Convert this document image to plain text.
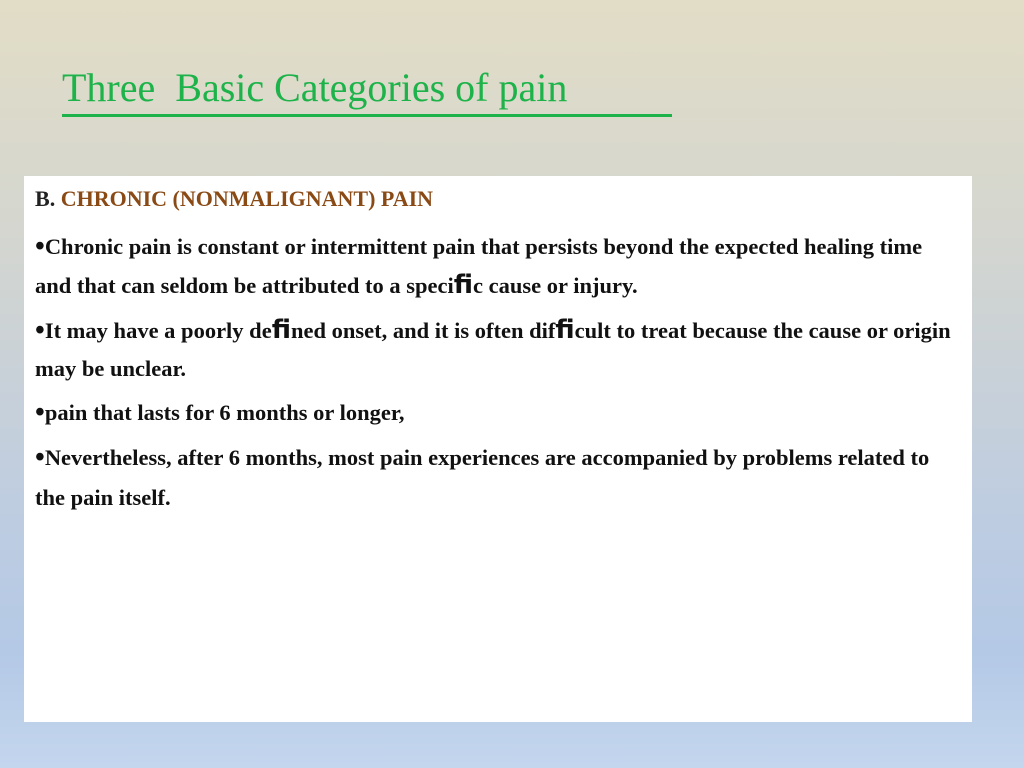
Three  Basic Categories of pain

B. CHRONIC (NONMALIGNANT) PAIN

•Chronic pain is constant or intermittent pain that persists beyond the expected healing time and that can seldom be attributed to a specific cause or injury.

•It may have a poorly defined onset, and it is often difficult to treat because the cause or origin may be unclear.

•pain that lasts for 6 months or longer,

•Nevertheless, after 6 months, most pain experiences are accompanied by problems related to the pain itself.
